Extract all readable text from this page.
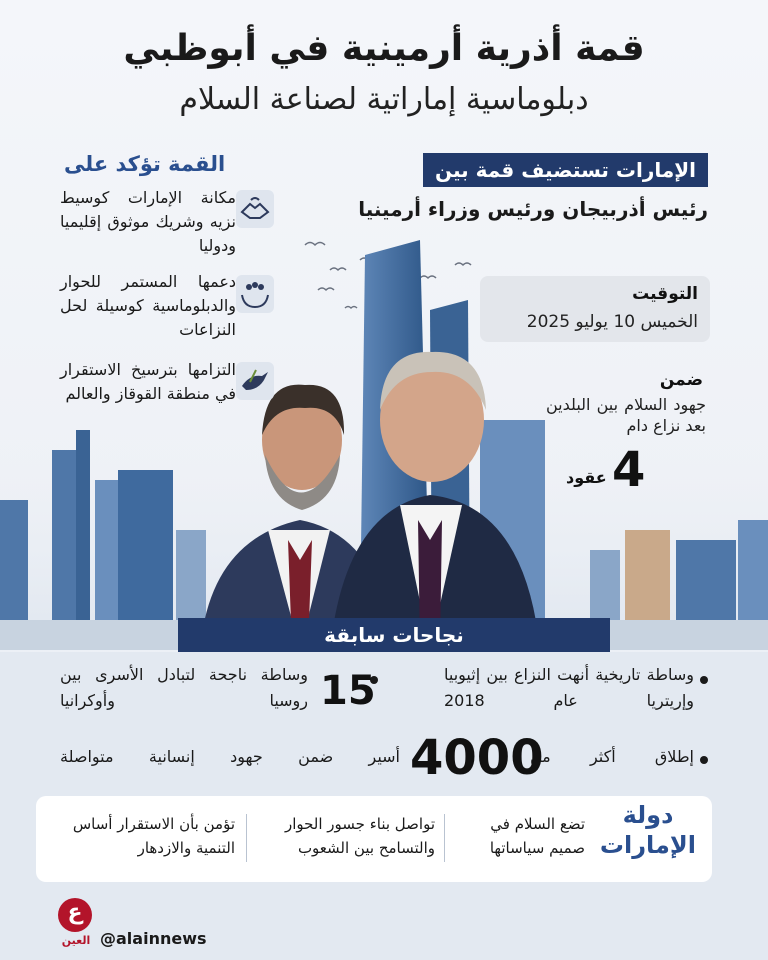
قمة أذرية أرمينية في أبوظبي
دبلوماسية إماراتية لصناعة السلام
الإمارات تستضيف قمة بين
رئيس أذربيجان ورئيس وزراء أرمينيا
التوقيت
الخميس 10 يوليو 2025
ضمن
جهود السلام بين البلدين بعد نزاع دام
4
عقود
القمة تؤكد على
مكانة الإمارات كوسيط نزيه وشريك موثوق إقليميا ودوليا
دعمها المستمر للحوار والدبلوماسية كوسيلة لحل النزاعات
التزامها بترسيخ الاستقرار في منطقة القوقاز والعالم
نجاحات سابقة
وساطة تاريخية أنهت النزاع بين إثيوبيا وإريتريا عام 2018
15
وساطة ناجحة لتبادل الأسرى بين روسيا وأوكرانيا
إطلاق أكثر من
4000
أسير ضمن جهود إنسانية متواصلة
دولة
الإمارات
تضع السلام في صميم سياساتها
تواصل بناء جسور الحوار والتسامح بين الشعوب
تؤمن بأن الاستقرار أساس التنمية والازدهار
ع
العين @alainnews
